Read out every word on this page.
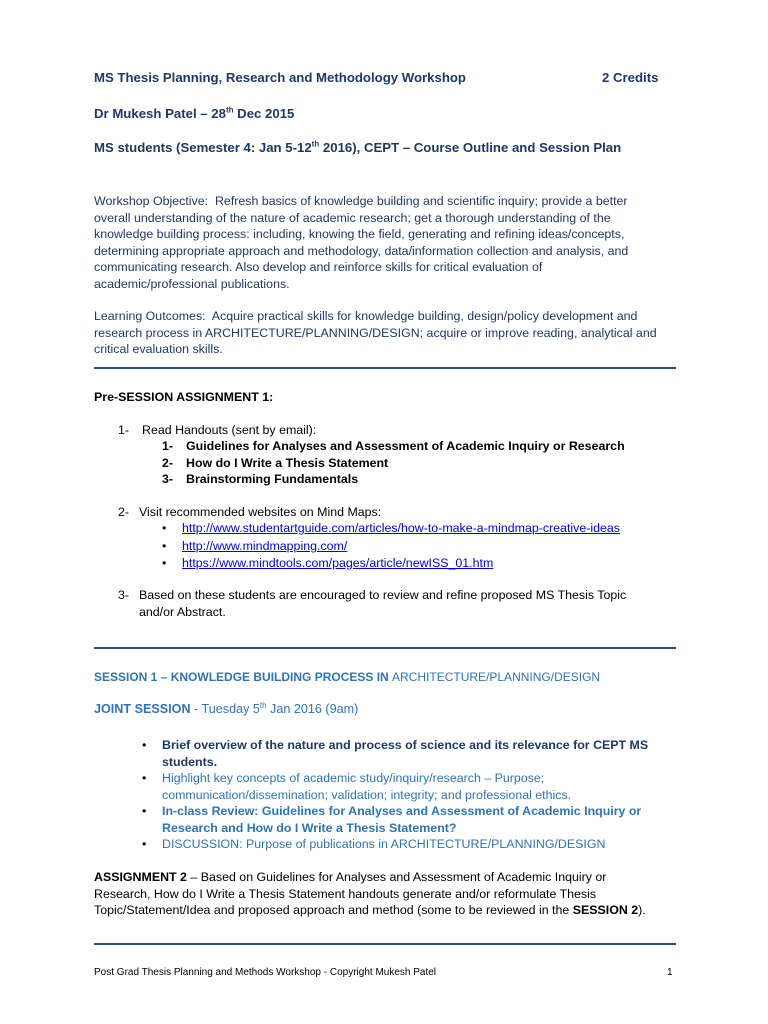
MS Thesis Planning, Research and Methodology Workshop	2 Credits
Dr Mukesh Patel – 28th Dec 2015
MS students (Semester 4: Jan 5-12th 2016), CEPT – Course Outline and Session Plan
Workshop Objective: Refresh basics of knowledge building and scientific inquiry; provide a better
overall understanding of the nature of academic research; get a thorough understanding of the
knowledge building process: including, knowing the field, generating and refining ideas/concepts,
determining appropriate approach and methodology, data/information collection and analysis, and
communicating research. Also develop and reinforce skills for critical evaluation of
academic/professional publications.
Learning Outcomes: Acquire practical skills for knowledge building, design/policy development and
research process in ARCHITECTURE/PLANNING/DESIGN; acquire or improve reading, analytical and
critical evaluation skills.
Pre-SESSION ASSIGNMENT 1:
1- Read Handouts (sent by email):
1- Guidelines for Analyses and Assessment of Academic Inquiry or Research
2- How do I Write a Thesis Statement
3- Brainstorming Fundamentals
2- Visit recommended websites on Mind Maps:
• http://www.studentartguide.com/articles/how-to-make-a-mindmap-creative-ideas
• http://www.mindmapping.com/
• https://www.mindtools.com/pages/article/newISS_01.htm
3- Based on these students are encouraged to review and refine proposed MS Thesis Topic
and/or Abstract.
SESSION 1 – KNOWLEDGE BUILDING PROCESS IN ARCHITECTURE/PLANNING/DESIGN
JOINT SESSION - Tuesday 5th Jan 2016 (9am)
• Brief overview of the nature and process of science and its relevance for CEPT MS
students.
• Highlight key concepts of academic study/inquiry/research – Purpose;
communication/dissemination; validation; integrity; and professional ethics.
• In-class Review: Guidelines for Analyses and Assessment of Academic Inquiry or
Research and How do I Write a Thesis Statement?
• DISCUSSION: Purpose of publications in ARCHITECTURE/PLANNING/DESIGN
ASSIGNMENT 2 – Based on Guidelines for Analyses and Assessment of Academic Inquiry or
Research, How do I Write a Thesis Statement handouts generate and/or reformulate Thesis
Topic/Statement/Idea and proposed approach and method (some to be reviewed in the SESSION 2).
Post Grad Thesis Planning and Methods Workshop - Copyright Mukesh Patel	1
